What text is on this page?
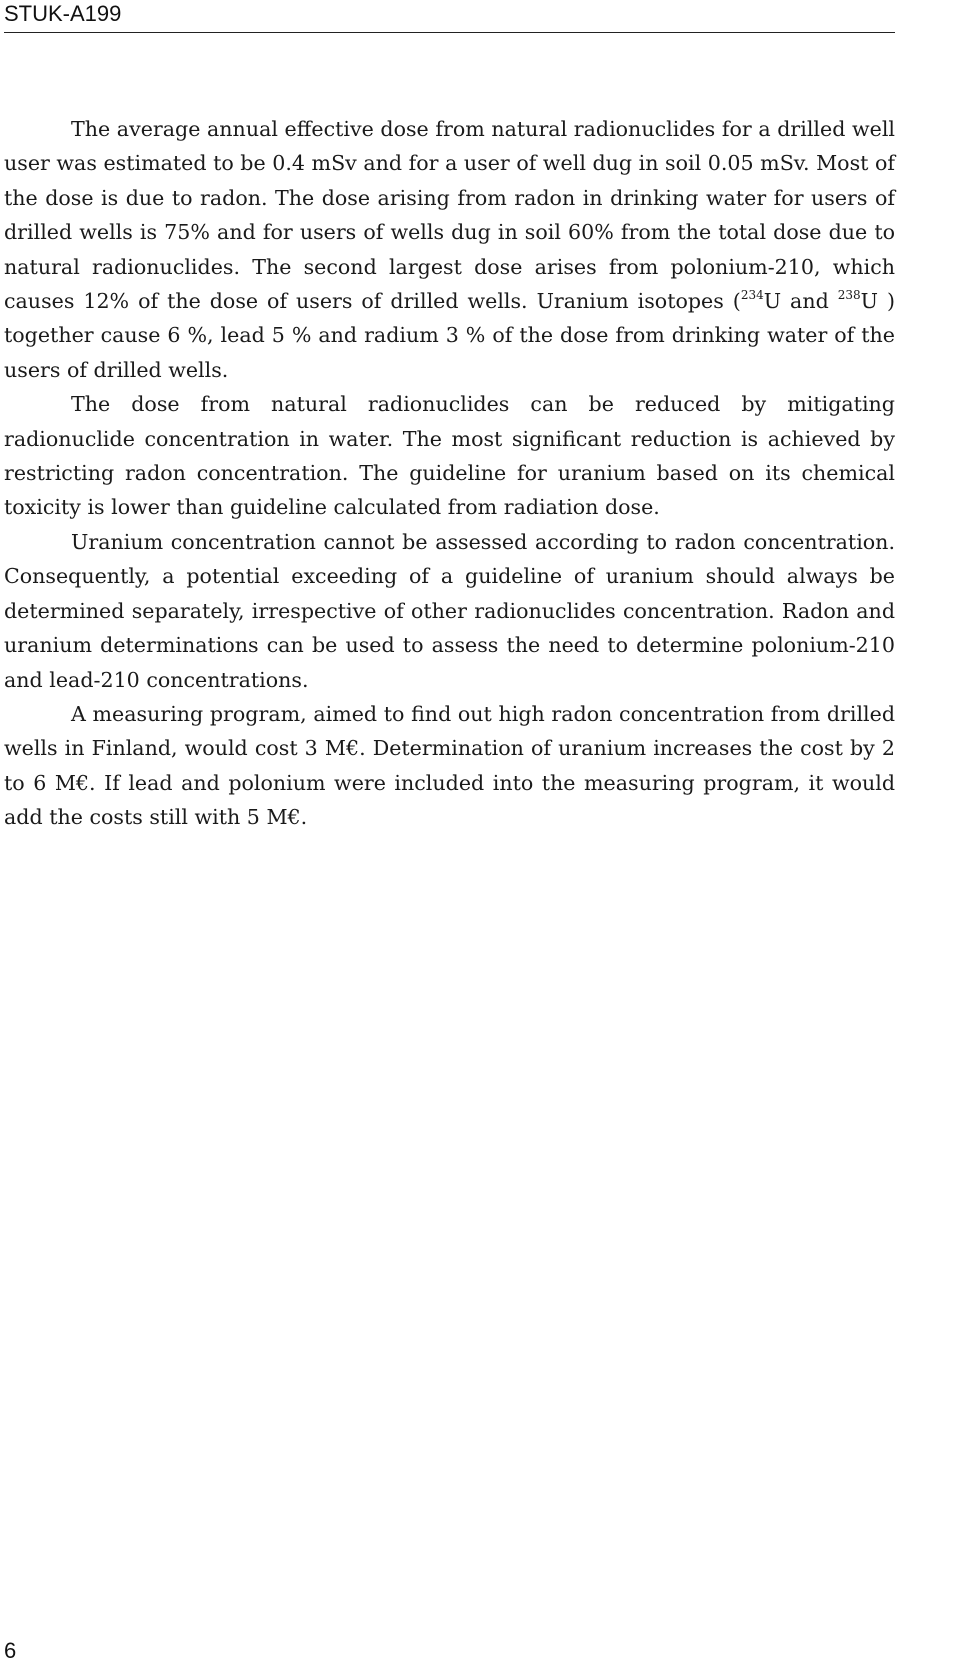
STUK-A199

The average annual effective dose from natural radionuclides for a drilled well user was estimated to be 0.4 mSv and for a user of well dug in soil 0.05 mSv. Most of the dose is due to radon. The dose arising from radon in drinking water for users of drilled wells is 75% and for users of wells dug in soil 60% from the total dose due to natural radionuclides. The second largest dose arises from polonium-210, which causes 12% of the dose of users of drilled wells. Uranium isotopes ($^{234}$U and $^{238}$U ) together cause 6 %, lead 5 % and radium 3 % of the dose from drinking water of the users of drilled wells.

The dose from natural radionuclides can be reduced by mitigating radionuclide concentration in water. The most significant reduction is achieved by restricting radon concentration. The guideline for uranium based on its chemical toxicity is lower than guideline calculated from radiation dose.

Uranium concentration cannot be assessed according to radon concentration. Consequently, a potential exceeding of a guideline of uranium should always be determined separately, irrespective of other radionuclides concentration. Radon and uranium determinations can be used to assess the need to determine polonium-210 and lead-210 concentrations.

A measuring program, aimed to find out high radon concentration from drilled wells in Finland, would cost 3 M€. Determination of uranium increases the cost by 2 to 6 M€. If lead and polonium were included into the measuring program, it would add the costs still with 5 M€.

6
